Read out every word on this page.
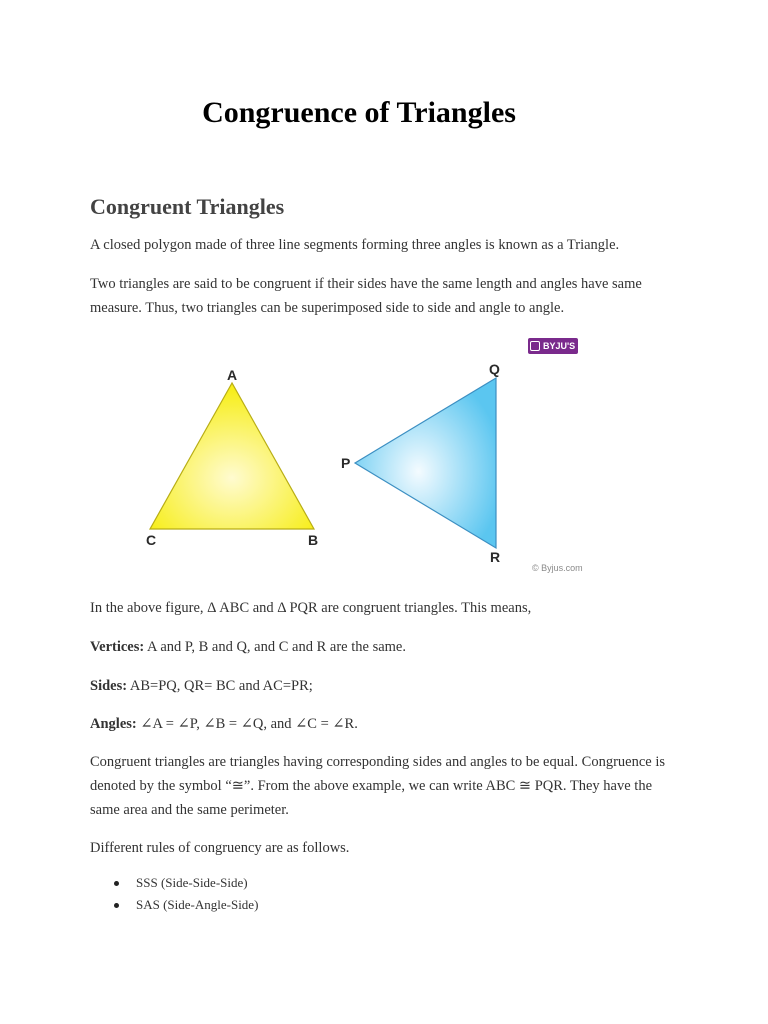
Congruence of Triangles
Congruent Triangles

A closed polygon made of three line segments forming three angles is known as a Triangle.

Two triangles are said to be congruent if their sides have the same length and angles have same measure. Thus, two triangles can be superimposed side to side and angle to angle.

A
B
C
P
Q
R
BYJU'S
© Byjus.com

In the above figure, Δ ABC and Δ PQR are congruent triangles. This means,

Vertices: A and P, B and Q, and C and R are the same.

Sides: AB=PQ, QR= BC and AC=PR;

Angles: ∠A = ∠P, ∠B = ∠Q, and ∠C = ∠R.

Congruent triangles are triangles having corresponding sides and angles to be equal. Congruence is denoted by the symbol “≅”. From the above example, we can write ABC ≅ PQR. They have the same area and the same perimeter.

Different rules of congruency are as follows.

SSS (Side-Side-Side)
SAS (Side-Angle-Side)
